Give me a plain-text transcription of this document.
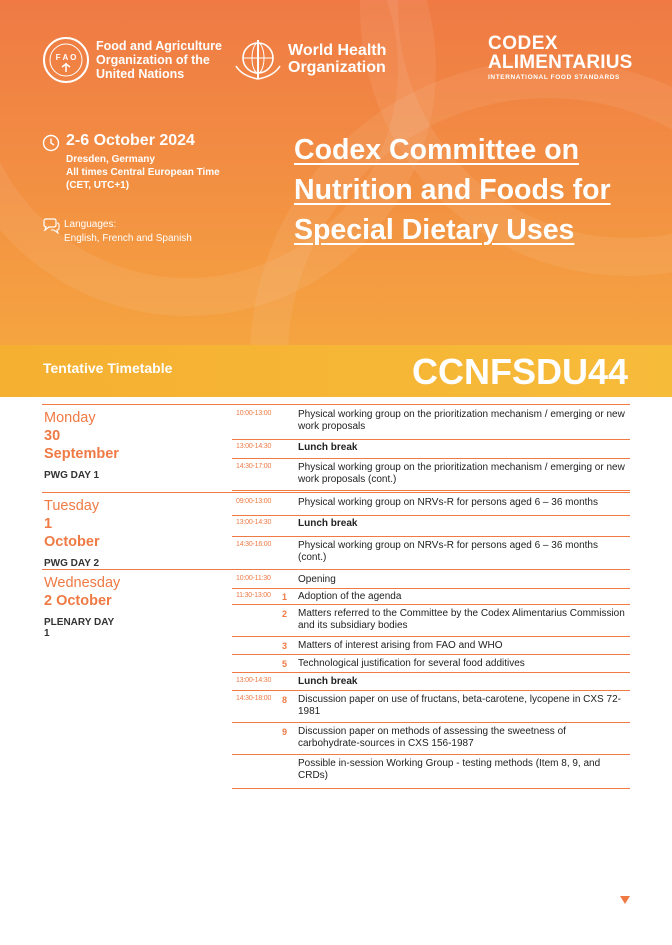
F A O
Food and Agriculture
Organization of the
United Nations
World Health
Organization
CODEX
ALIMENTARIUS
INTERNATIONAL FOOD STANDARDS
2-6 October 2024
Dresden, Germany
All times Central European Time
(CET, UTC+1)
Languages:
English, French and Spanish
Codex Committee on
Nutrition and Foods for
Special Dietary Uses
Tentative Timetable	CCNFSDU44
Monday
30 September
PWG DAY 1
10:00-13:00	Physical working group on the prioritization mechanism / emerging or new work proposals
13:00-14:30	Lunch break
14:30-17:00	Physical working group on the prioritization mechanism / emerging or new work proposals (cont.)
Tuesday
1 October
PWG DAY 2
09:00-13:00	Physical working group on NRVs-R for persons aged 6 – 36 months
13:00-14:30	Lunch break
14:30-16:00	Physical working group on NRVs-R for persons aged 6 – 36 months (cont.)
Wednesday
2 October
PLENARY DAY 1
10:00-11:30	Opening
11:30-13:00 1 Adoption of the agenda
2 Matters referred to the Committee by the Codex Alimentarius Commission and its subsidiary bodies
3 Matters of interest arising from FAO and WHO
5 Technological justification for several food additives
13:00-14:30	Lunch break
14:30-18:00 8 Discussion paper on use of fructans, beta-carotene, lycopene in CXS 72-1981
9 Discussion paper on methods of assessing the sweetness of carbohydrate-sources in CXS 156-1987
Possible in-session Working Group - testing methods (Item 8, 9, and CRDs)
